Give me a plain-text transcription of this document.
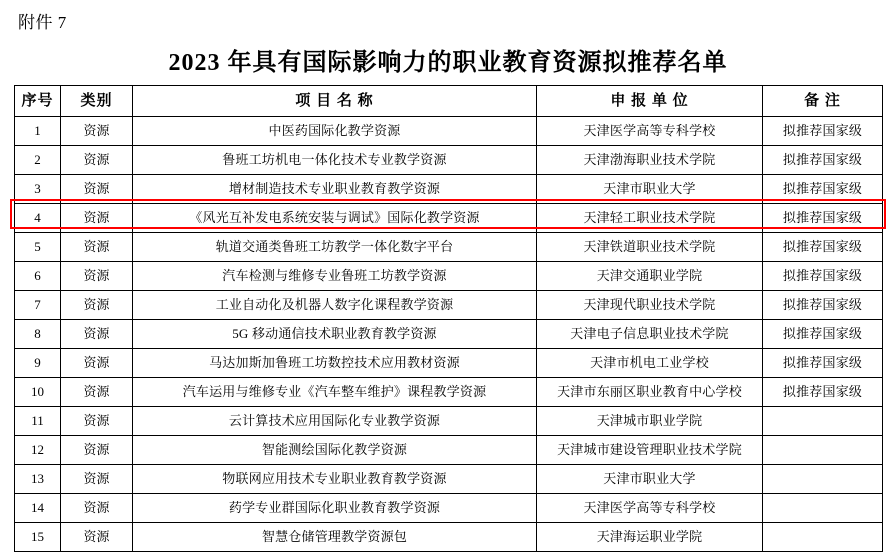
附件 7
2023 年具有国际影响力的职业教育资源拟推荐名单
序号	类别	项 目 名 称	申 报 单 位	备 注
1	资源	中医药国际化教学资源	天津医学高等专科学校	拟推荐国家级
2	资源	鲁班工坊机电一体化技术专业教学资源	天津渤海职业技术学院	拟推荐国家级
3	资源	增材制造技术专业职业教育教学资源	天津市职业大学	拟推荐国家级
4	资源	《风光互补发电系统安装与调试》国际化教学资源	天津轻工职业技术学院	拟推荐国家级
5	资源	轨道交通类鲁班工坊教学一体化数字平台	天津铁道职业技术学院	拟推荐国家级
6	资源	汽车检测与维修专业鲁班工坊教学资源	天津交通职业学院	拟推荐国家级
7	资源	工业自动化及机器人数字化课程教学资源	天津现代职业技术学院	拟推荐国家级
8	资源	5G 移动通信技术职业教育教学资源	天津电子信息职业技术学院	拟推荐国家级
9	资源	马达加斯加鲁班工坊数控技术应用教材资源	天津市机电工业学校	拟推荐国家级
10	资源	汽车运用与维修专业《汽车整车维护》课程教学资源	天津市东丽区职业教育中心学校	拟推荐国家级
11	资源	云计算技术应用国际化专业教学资源	天津城市职业学院	
12	资源	智能测绘国际化教学资源	天津城市建设管理职业技术学院	
13	资源	物联网应用技术专业职业教育教学资源	天津市职业大学	
14	资源	药学专业群国际化职业教育教学资源	天津医学高等专科学校	
15	资源	智慧仓储管理教学资源包	天津海运职业学院	
